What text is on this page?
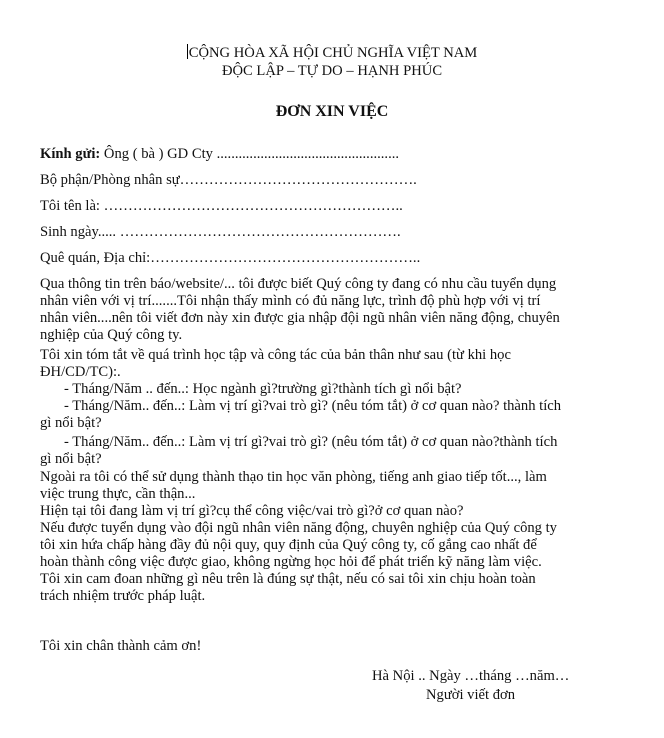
CỘNG HÒA XÃ HỘI CHỦ NGHĨA VIỆT NAM
ĐỘC LẬP – TỰ DO – HẠNH PHÚC
ĐƠN XIN VIỆC
Kính gửi: Ông ( bà ) GD Cty ..................................................
Bộ phận/Phòng nhân sự………………………………………….
Tôi tên là: ……………………………………………………..
Sinh ngày..... ………………………………………………….
Quê quán, Địa chỉ:………………………………………………..
Qua thông tin trên báo/website/... tôi được biết Quý công ty đang có nhu cầu tuyển dụng
nhân viên với vị trí.......Tôi nhận thấy mình có đủ năng lực, trình độ phù hợp với vị trí
nhân viên....nên tôi viết đơn này xin được gia nhập đội ngũ nhân viên năng động, chuyên
nghiệp của Quý công ty.
Tôi xin tóm tắt về quá trình học tập và công tác của bản thân như sau (từ khi học
ĐH/CD/TC):.
- Tháng/Năm .. đến..: Học ngành gì?trường gì?thành tích gì nổi bật?
- Tháng/Năm.. đến..: Làm vị trí gì?vai trò gì? (nêu tóm tắt) ở cơ quan nào? thành tích
gì nổi bật?
- Tháng/Năm.. đến..: Làm vị trí gì?vai trò gì? (nêu tóm tắt) ở cơ quan nào?thành tích
gì nổi bật?
Ngoài ra tôi có thể sử dụng thành thạo tin học văn phòng, tiếng anh giao tiếp tốt..., làm
việc trung thực, cần thận...
Hiện tại tôi đang làm vị trí gì?cụ thể công việc/vai trò gì?ở cơ quan nào?
Nếu được tuyển dụng vào đội ngũ nhân viên năng động, chuyên nghiệp của Quý công ty
tôi xin hứa chấp hàng đầy đủ nội quy, quy định của Quý công ty, cố gắng cao nhất để
hoàn thành công việc được giao, không ngừng học hỏi để phát triển kỹ năng làm việc.
Tôi xin cam đoan những gì nêu trên là đúng sự thật, nếu có sai tôi xin chịu hoàn toàn
trách nhiệm trước pháp luật.
Tôi xin chân thành cảm ơn!
Hà Nội .. Ngày …tháng …năm…
Người viết đơn
